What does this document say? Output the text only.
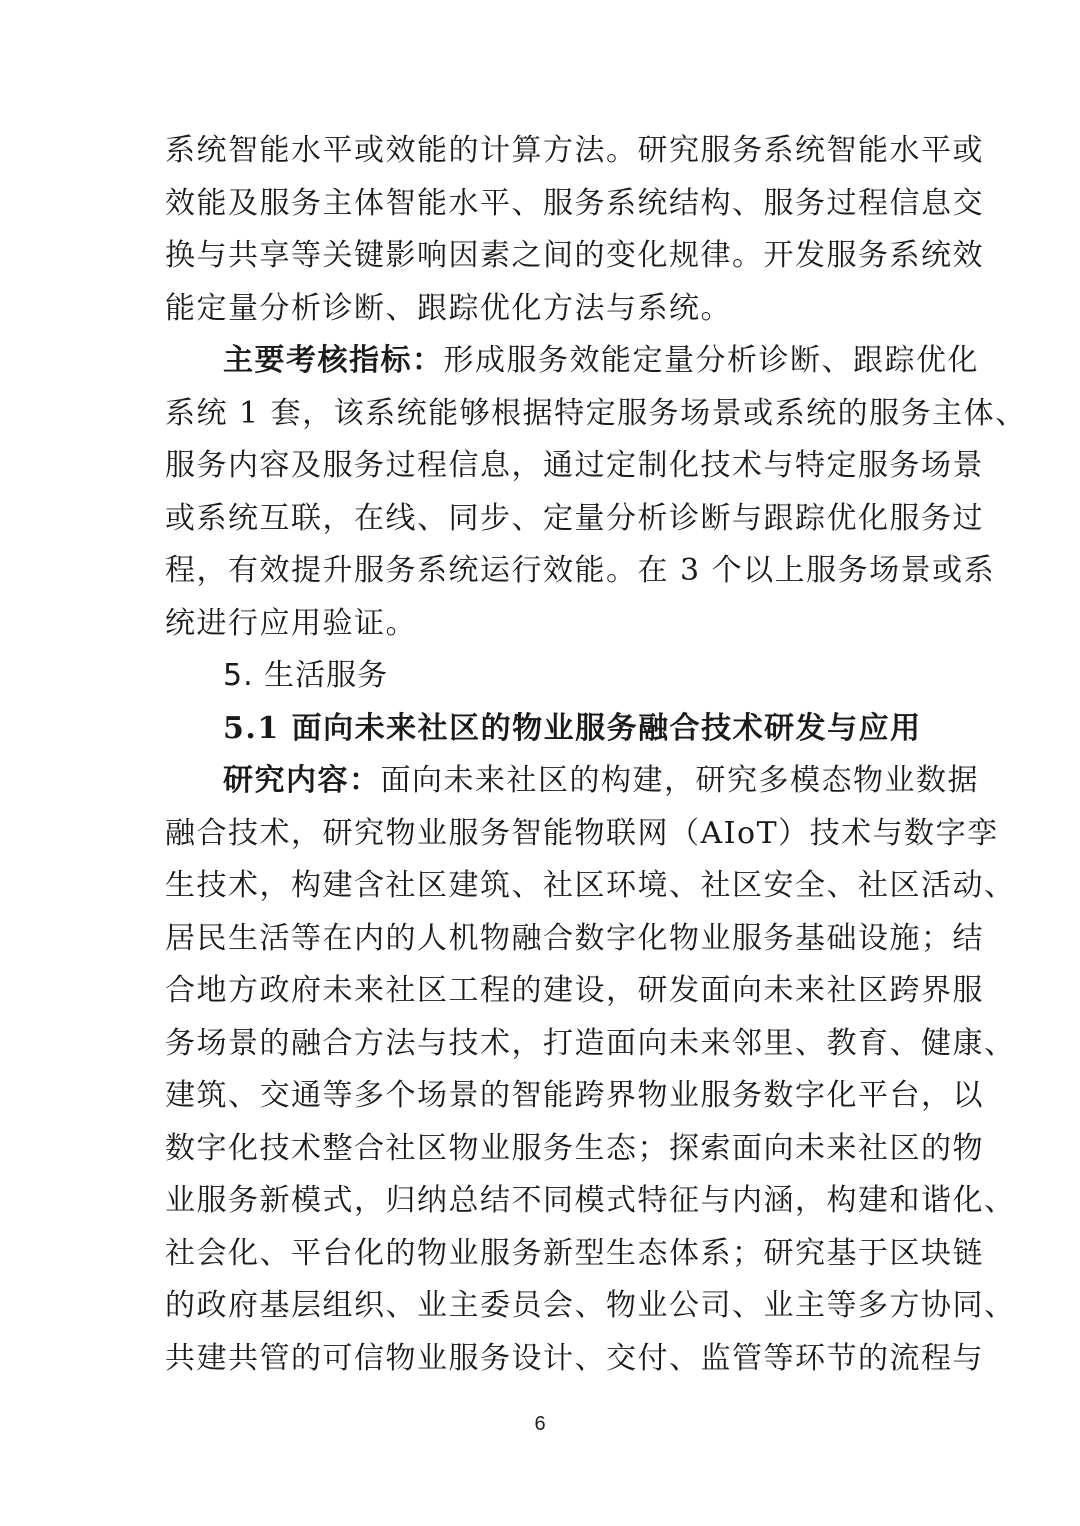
系统智能水平或效能的计算方法。研究服务系统智能水平或
效能及服务主体智能水平、服务系统结构、服务过程信息交
换与共享等关键影响因素之间的变化规律。开发服务系统效
能定量分析诊断、跟踪优化方法与系统。
主要考核指标：形成服务效能定量分析诊断、跟踪优化
系统 1 套，该系统能够根据特定服务场景或系统的服务主体、
服务内容及服务过程信息，通过定制化技术与特定服务场景
或系统互联，在线、同步、定量分析诊断与跟踪优化服务过
程，有效提升服务系统运行效能。在 3 个以上服务场景或系
统进行应用验证。
5. 生活服务
5.1 面向未来社区的物业服务融合技术研发与应用
研究内容：面向未来社区的构建，研究多模态物业数据
融合技术，研究物业服务智能物联网（AIoT）技术与数字孪
生技术，构建含社区建筑、社区环境、社区安全、社区活动、
居民生活等在内的人机物融合数字化物业服务基础设施；结
合地方政府未来社区工程的建设，研发面向未来社区跨界服
务场景的融合方法与技术，打造面向未来邻里、教育、健康、
建筑、交通等多个场景的智能跨界物业服务数字化平台，以
数字化技术整合社区物业服务生态；探索面向未来社区的物
业服务新模式，归纳总结不同模式特征与内涵，构建和谐化、
社会化、平台化的物业服务新型生态体系；研究基于区块链
的政府基层组织、业主委员会、物业公司、业主等多方协同、
共建共管的可信物业服务设计、交付、监管等环节的流程与
6
